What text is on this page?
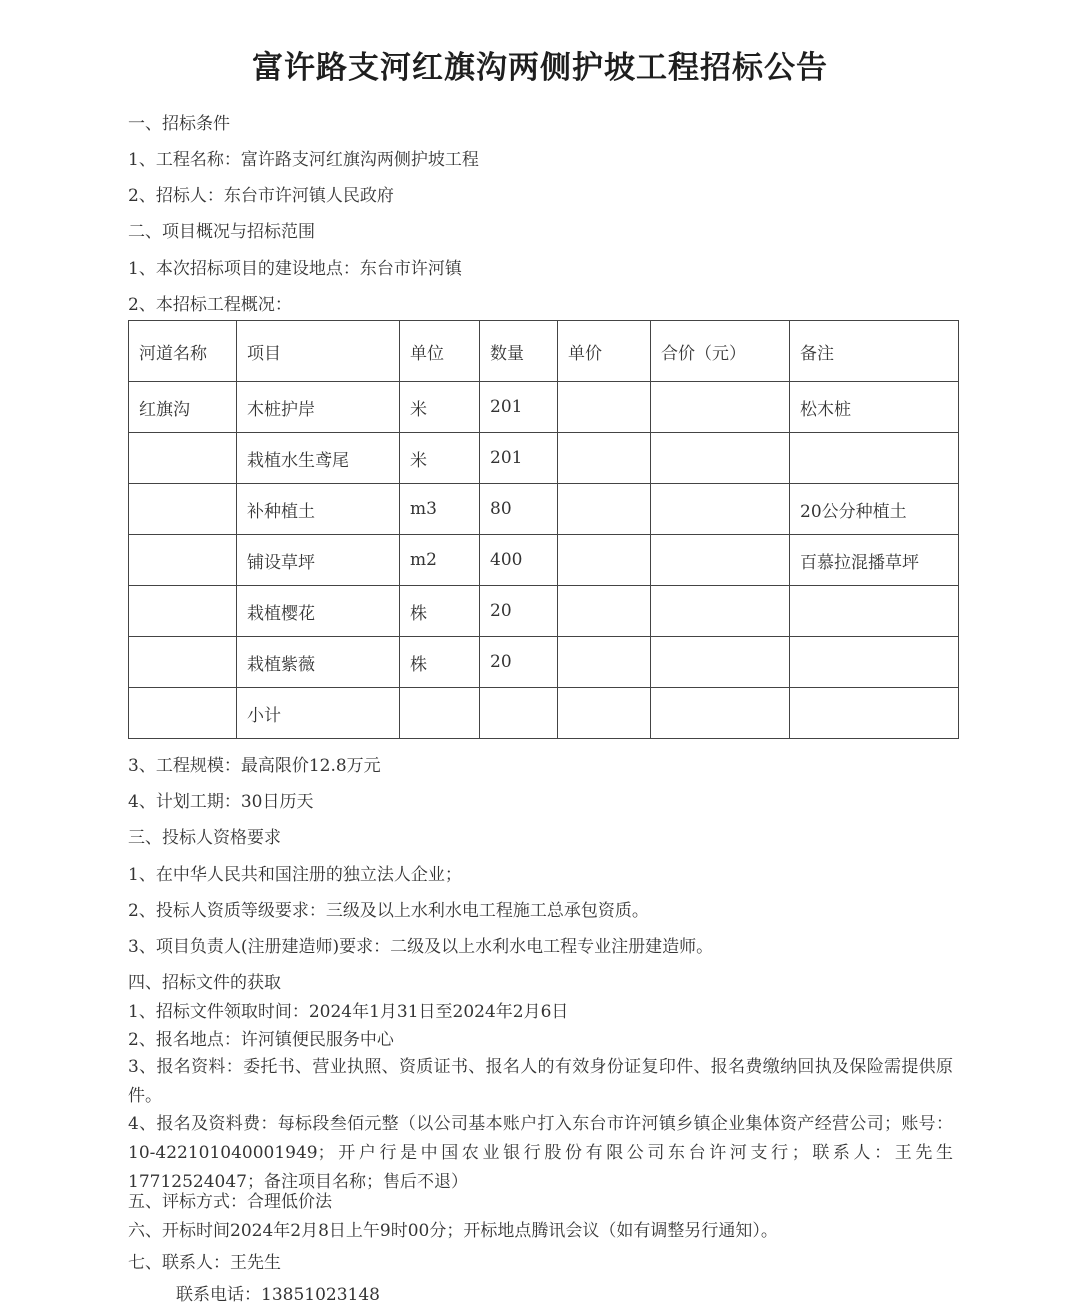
富许路支河红旗沟两侧护坡工程招标公告
一、招标条件
1、工程名称：富许路支河红旗沟两侧护坡工程
2、招标人：东台市许河镇人民政府
二、项目概况与招标范围
1、本次招标项目的建设地点：东台市许河镇
2、本招标工程概况：
河道名称	项目	单位	数量	单价	合价（元）	备注
红旗沟	木桩护岸	米	201			松木桩
	栽植水生鸢尾	米	201			
	补种植土	m3	80			20公分种植土
	铺设草坪	m2	400			百慕拉混播草坪
	栽植樱花	株	20			
	栽植紫薇	株	20			
	小计					
3、工程规模：最高限价12.8万元
4、计划工期：30日历天
三、投标人资格要求
1、在中华人民共和国注册的独立法人企业；
2、投标人资质等级要求：三级及以上水利水电工程施工总承包资质。
3、项目负责人(注册建造师)要求：二级及以上水利水电工程专业注册建造师。
四、招标文件的获取
1、招标文件领取时间：2024年1月31日至2024年2月6日
2、报名地点：许河镇便民服务中心
3、报名资料：委托书、营业执照、资质证书、报名人的有效身份证复印件、报名费缴纳回执及保险需提供原件。
4、报名及资料费：每标段叁佰元整（以公司基本账户打入东台市许河镇乡镇企业集体资产经营公司；账号：10-422101040001949；开户行是中国农业银行股份有限公司东台许河支行；联系人：王先生17712524047；备注项目名称；售后不退）
五、评标方式：合理低价法
六、开标时间2024年2月8日上午9时00分；开标地点腾讯会议（如有调整另行通知）。
七、联系人：王先生
联系电话：13851023148
